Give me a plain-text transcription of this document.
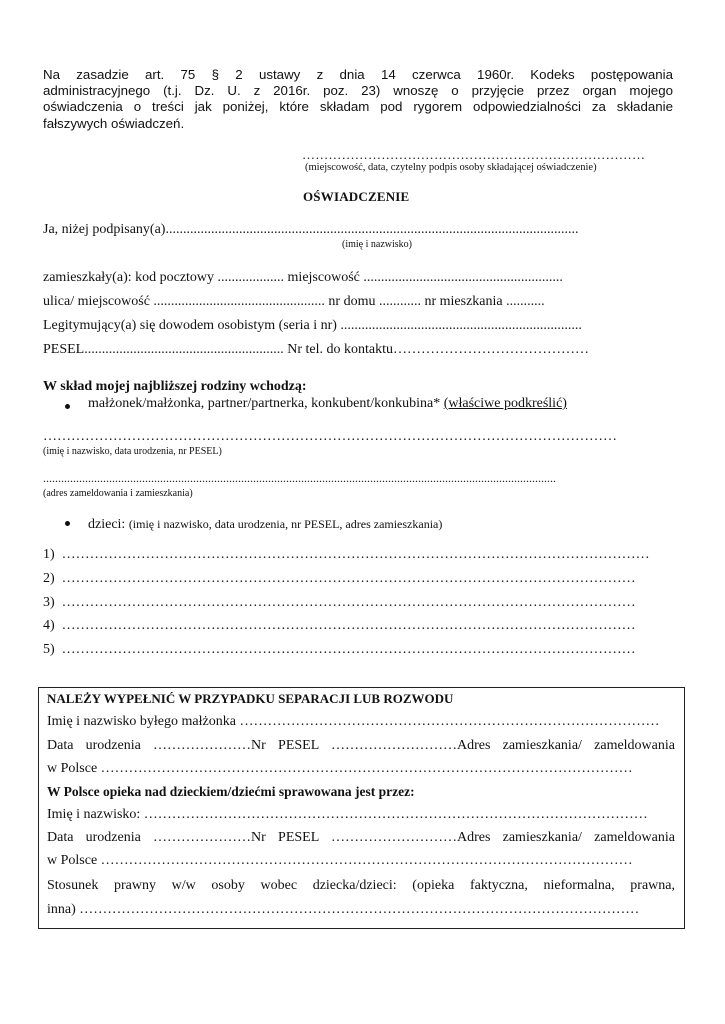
Na zasadzie art. 75 § 2 ustawy z dnia 14 czerwca 1960r. Kodeks postępowania
administracyjnego (t.j. Dz. U. z 2016r. poz. 23) wnoszę o przyjęcie przez organ mojego
oświadczenia o treści jak poniżej, które składam pod rygorem odpowiedzialności za składanie
fałszywych oświadczeń.
……………………………………………………………………
(miejscowość, data, czytelny podpis osoby składającej oświadczenie)
OŚWIADCZENIE
Ja, niżej podpisany(a)......................................................................................................................
(imię i nazwisko)
zamieszkały(a): kod pocztowy ................... miejscowość .........................................................
ulica/ miejscowość ................................................. nr domu ............ nr mieszkania ...........
Legitymujący(a) się dowodem osobistym (seria i nr) .....................................................................
PESEL......................................................... Nr tel. do kontaktu……………………………………
W skład mojej najbliższej rodziny wchodzą:
małżonek/małżonka, partner/partnerka, konkubent/konkubina* (właściwe podkreślić)
……………………………………………………………………………………………………………
(imię i nazwisko, data urodzenia, nr PESEL)
...........................................................................................................................................................................
(adres zameldowania i zamieszkania)
dzieci: (imię i nazwisko, data urodzenia, nr PESEL, adres zamieszkania)
1) ………………………………………………………………………………………………………………
2) ……………………………………………………………………………………………………………
3) ……………………………………………………………………………………………………………
4) ……………………………………………………………………………………………………………
5) ……………………………………………………………………………………………………………
NALEŻY WYPEŁNIĆ W PRZYPADKU SEPARACJI LUB ROZWODU
Imię i nazwisko byłego małżonka ………………………………………………………………………………
Data urodzenia …………………Nr PESEL ………………………Adres zamieszkania/ zameldowania
w Polsce ……………………………………………………………………………………………………
W Polsce opieka nad dzieckiem/dziećmi sprawowana jest przez:
Imię i nazwisko: ………………………………………………………………………………………………
Data urodzenia …………………Nr PESEL ………………………Adres zamieszkania/ zameldowania
w Polsce ……………………………………………………………………………………………………
Stosunek prawny w/w osoby wobec dziecka/dzieci: (opieka faktyczna, nieformalna, prawna,
inna) …………………………………………………………………………………………………………
